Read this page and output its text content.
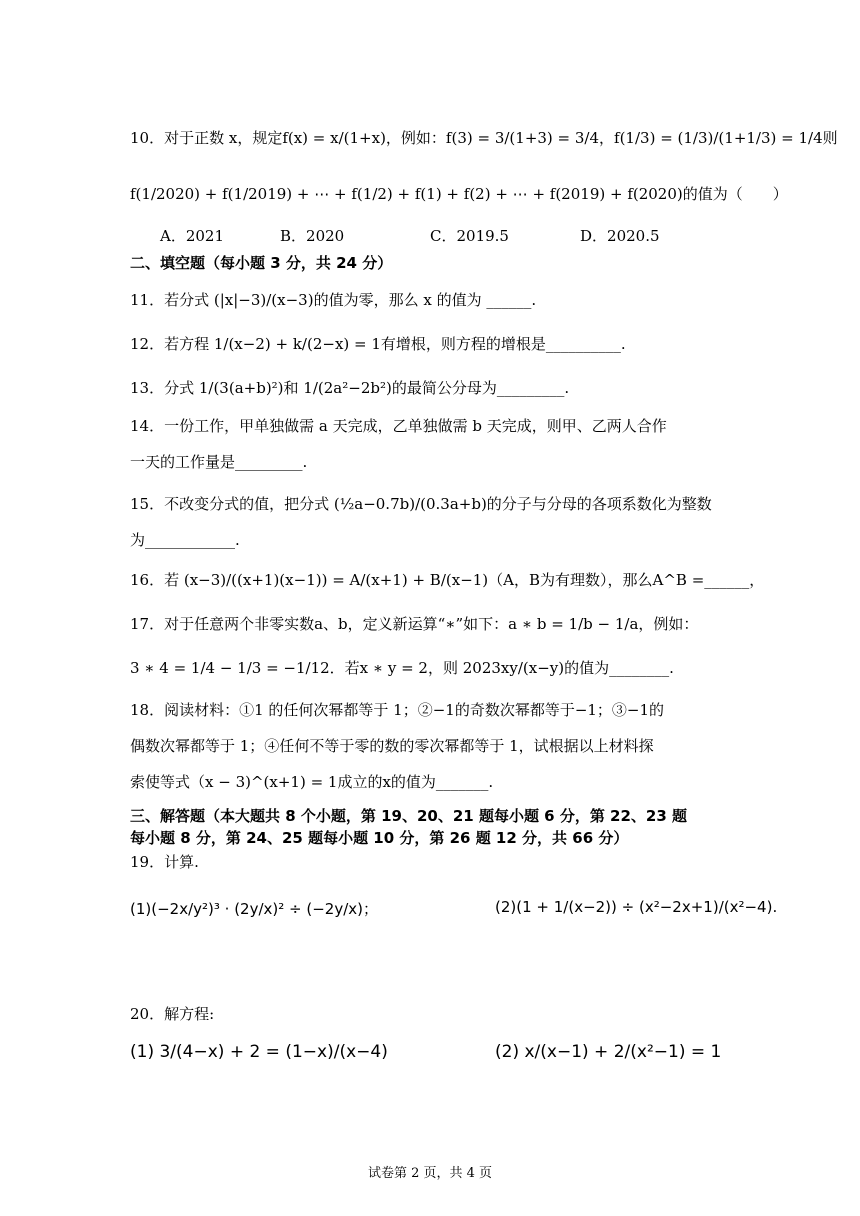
10．对于正数 x，规定f(x) = x/(1+x)，例如：f(3) = 3/(1+3) = 3/4，f(1/3) = (1/3)/(1+1/3) = 1/4则
f(1/2020) + f(1/2019) + ⋯ + f(1/2) + f(1) + f(2) + ⋯ + f(2019) + f(2020)的值为（　　）
A．2021	B．2020	C．2019.5	D．2020.5
二、填空题（每小题 3 分，共 24 分）
11．若分式 (|x|−3)/(x−3)的值为零，那么 x 的值为 ______.
12．若方程 1/(x−2) + k/(2−x) = 1有增根，则方程的增根是__________.
13．分式 1/(3(a+b)²)和 1/(2a²−2b²)的最简公分母为_________.
14．一份工作，甲单独做需 a 天完成，乙单独做需 b 天完成，则甲、乙两人合作
一天的工作量是_________.
15．不改变分式的值，把分式 (½a−0.7b)/(0.3a+b)的分子与分母的各项系数化为整数
为____________.
16．若 (x−3)/((x+1)(x−1)) = A/(x+1) + B/(x−1)（A，B为有理数），那么A^B =______，
17．对于任意两个非零实数a、b，定义新运算“∗”如下：a ∗ b = 1/b − 1/a，例如：
3 ∗ 4 = 1/4 − 1/3 = −1/12．若x ∗ y = 2，则 2023xy/(x−y)的值为________.
18．阅读材料：①1 的任何次幂都等于 1；②−1的奇数次幂都等于−1；③−1的
偶数次幂都等于 1；④任何不等于零的数的零次幂都等于 1，试根据以上材料探
索使等式（x − 3)^(x+1) = 1成立的x的值为_______.
三、解答题（本大题共 8 个小题，第 19、20、21 题每小题 6 分，第 22、23 题
每小题 8 分，第 24、25 题每小题 10 分，第 26 题 12 分，共 66 分）
19．计算.
(1)(−2x/y²)³ · (2y/x)² ÷ (−2y/x)；	(2)(1 + 1/(x−2)) ÷ (x²−2x+1)/(x²−4).
20．解方程:
(1) 3/(4−x) + 2 = (1−x)/(x−4)	(2) x/(x−1) + 2/(x²−1) = 1
试卷第 2 页，共 4 页
